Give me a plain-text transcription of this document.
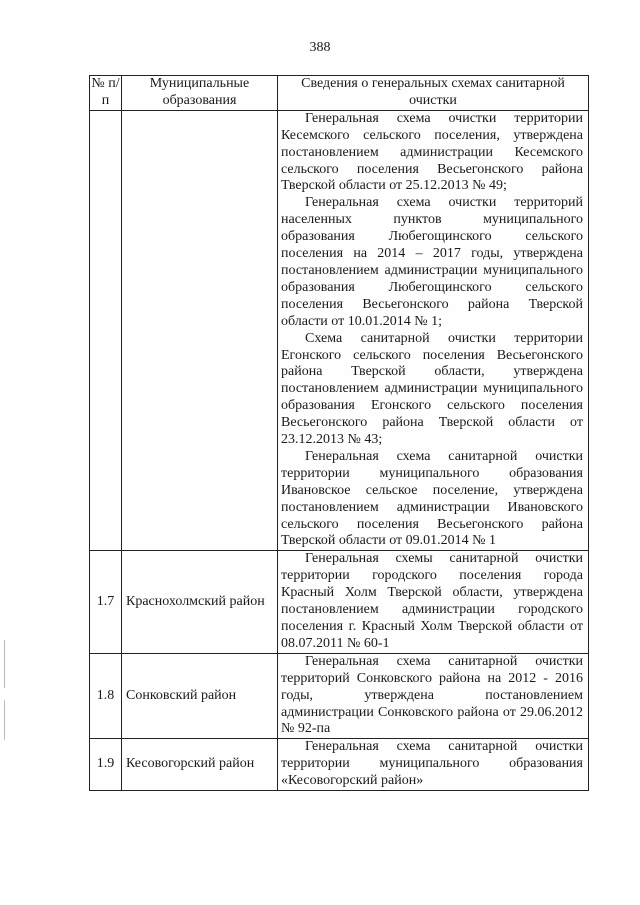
388
№ п/п	Муниципальные образования	Сведения о генеральных схемах санитарной очистки

		Генеральная схема очистки территории Кесемского сельского поселения, утверждена постановлением администрации Кесемского сельского поселения Весьегонского района Тверской области от 25.12.2013 № 49;

Генеральная схема очистки территорий населенных пунктов муниципального образования Любегощинского сельского поселения на 2014 – 2017 годы, утверждена постановлением администрации муниципального образования Любегощинского сельского поселения Весьегонского района Тверской области от 10.01.2014 № 1;

Схема санитарной очистки территории Егонского сельского поселения Весьегонского района Тверской области, утверждена постановлением администрации муниципального образования Егонского сельского поселения Весьегонского района Тверской области от 23.12.2013 № 43;

Генеральная схема санитарной очистки территории муниципального образования Ивановское сельское поселение, утверждена постановлением администрации Ивановского сельского поселения Весьегонского района Тверской области от 09.01.2014 № 1

1.7	Краснохолмский район	Генеральная схемы санитарной очистки территории городского поселения города Красный Холм Тверской области, утверждена постановлением администрации городского поселения г. Красный Холм Тверской области от 08.07.2011 № 60-1

1.8	Сонковский район	Генеральная схема санитарной очистки территорий Сонковского района на 2012 - 2016 годы, утверждена постановлением администрации Сонковского района от 29.06.2012 № 92-па

1.9	Кесовогорский район	Генеральная схема санитарной очистки территории муниципального образования «Кесовогорский район»
